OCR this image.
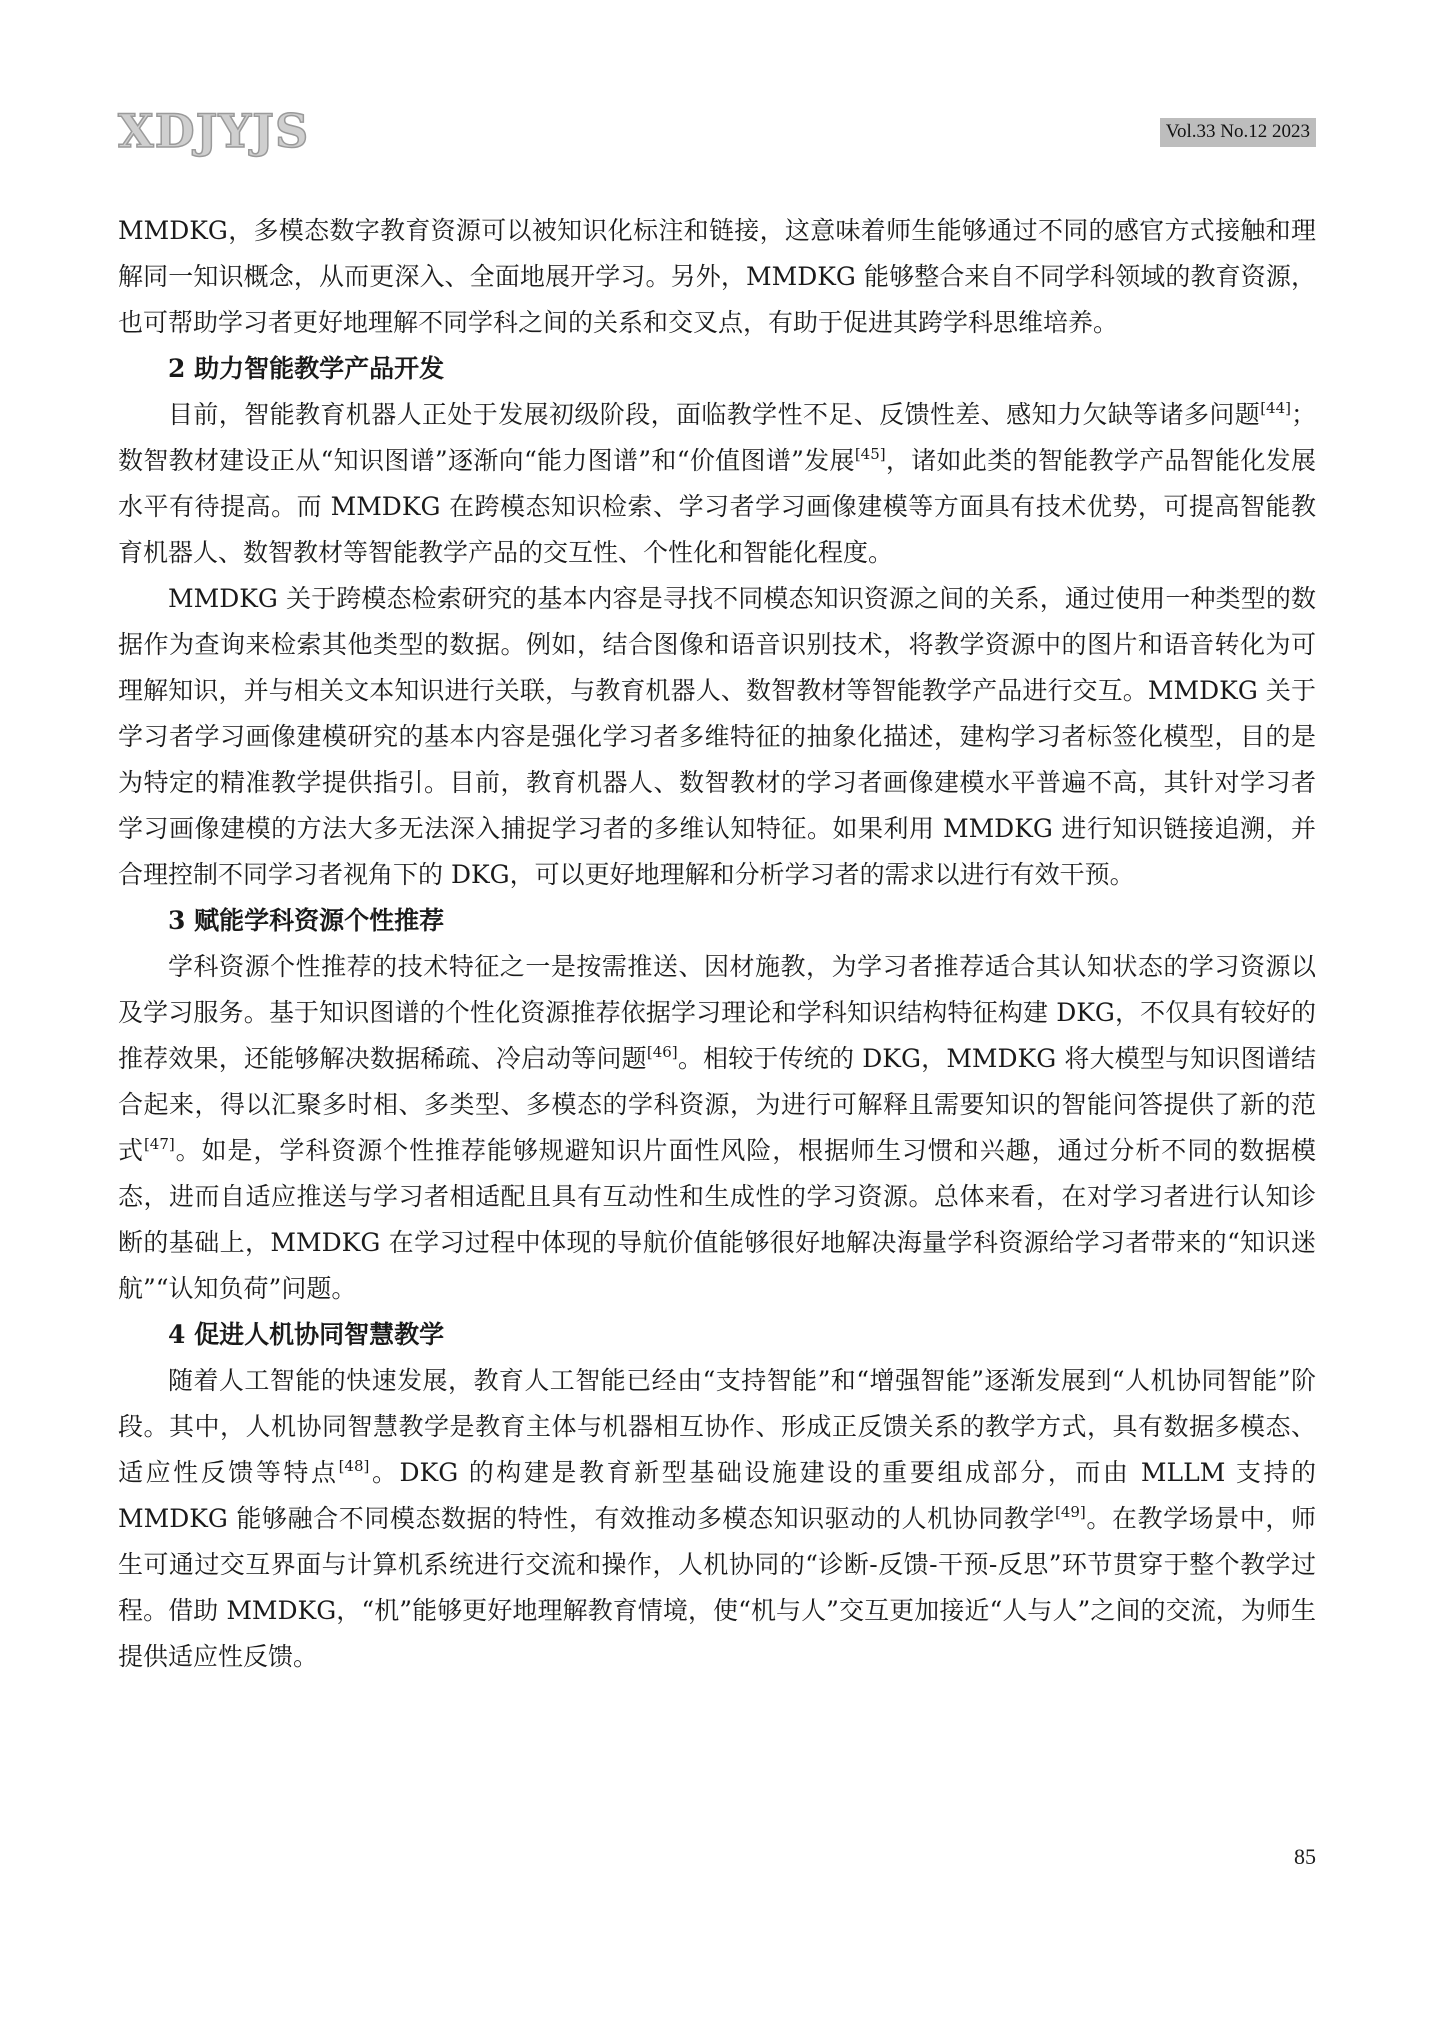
XDJYJS	Vol.33 No.12 2023

MMDKG，多模态数字教育资源可以被知识化标注和链接，这意味着师生能够通过不同的感官方式接触和理解同一知识概念，从而更深入、全面地展开学习。另外，MMDKG 能够整合来自不同学科领域的教育资源，也可帮助学习者更好地理解不同学科之间的关系和交叉点，有助于促进其跨学科思维培养。

2 助力智能教学产品开发

目前，智能教育机器人正处于发展初级阶段，面临教学性不足、反馈性差、感知力欠缺等诸多问题[44]；数智教材建设正从“知识图谱”逐渐向“能力图谱”和“价值图谱”发展[45]，诸如此类的智能教学产品智能化发展水平有待提高。而 MMDKG 在跨模态知识检索、学习者学习画像建模等方面具有技术优势，可提高智能教育机器人、数智教材等智能教学产品的交互性、个性化和智能化程度。

MMDKG 关于跨模态检索研究的基本内容是寻找不同模态知识资源之间的关系，通过使用一种类型的数据作为查询来检索其他类型的数据。例如，结合图像和语音识别技术，将教学资源中的图片和语音转化为可理解知识，并与相关文本知识进行关联，与教育机器人、数智教材等智能教学产品进行交互。MMDKG 关于学习者学习画像建模研究的基本内容是强化学习者多维特征的抽象化描述，建构学习者标签化模型，目的是为特定的精准教学提供指引。目前，教育机器人、数智教材的学习者画像建模水平普遍不高，其针对学习者学习画像建模的方法大多无法深入捕捉学习者的多维认知特征。如果利用 MMDKG 进行知识链接追溯，并合理控制不同学习者视角下的 DKG，可以更好地理解和分析学习者的需求以进行有效干预。

3 赋能学科资源个性推荐

学科资源个性推荐的技术特征之一是按需推送、因材施教，为学习者推荐适合其认知状态的学习资源以及学习服务。基于知识图谱的个性化资源推荐依据学习理论和学科知识结构特征构建 DKG，不仅具有较好的推荐效果，还能够解决数据稀疏、冷启动等问题[46]。相较于传统的 DKG，MMDKG 将大模型与知识图谱结合起来，得以汇聚多时相、多类型、多模态的学科资源，为进行可解释且需要知识的智能问答提供了新的范式[47]。如是，学科资源个性推荐能够规避知识片面性风险，根据师生习惯和兴趣，通过分析不同的数据模态，进而自适应推送与学习者相适配且具有互动性和生成性的学习资源。总体来看，在对学习者进行认知诊断的基础上，MMDKG 在学习过程中体现的导航价值能够很好地解决海量学科资源给学习者带来的“知识迷航”“认知负荷”问题。

4 促进人机协同智慧教学

随着人工智能的快速发展，教育人工智能已经由“支持智能”和“增强智能”逐渐发展到“人机协同智能”阶段。其中，人机协同智慧教学是教育主体与机器相互协作、形成正反馈关系的教学方式，具有数据多模态、适应性反馈等特点[48]。DKG 的构建是教育新型基础设施建设的重要组成部分，而由 MLLM 支持的 MMDKG 能够融合不同模态数据的特性，有效推动多模态知识驱动的人机协同教学[49]。在教学场景中，师生可通过交互界面与计算机系统进行交流和操作，人机协同的“诊断-反馈-干预-反思”环节贯穿于整个教学过程。借助 MMDKG，“机”能够更好地理解教育情境，使“机与人”交互更加接近“人与人”之间的交流，为师生提供适应性反馈。

85
